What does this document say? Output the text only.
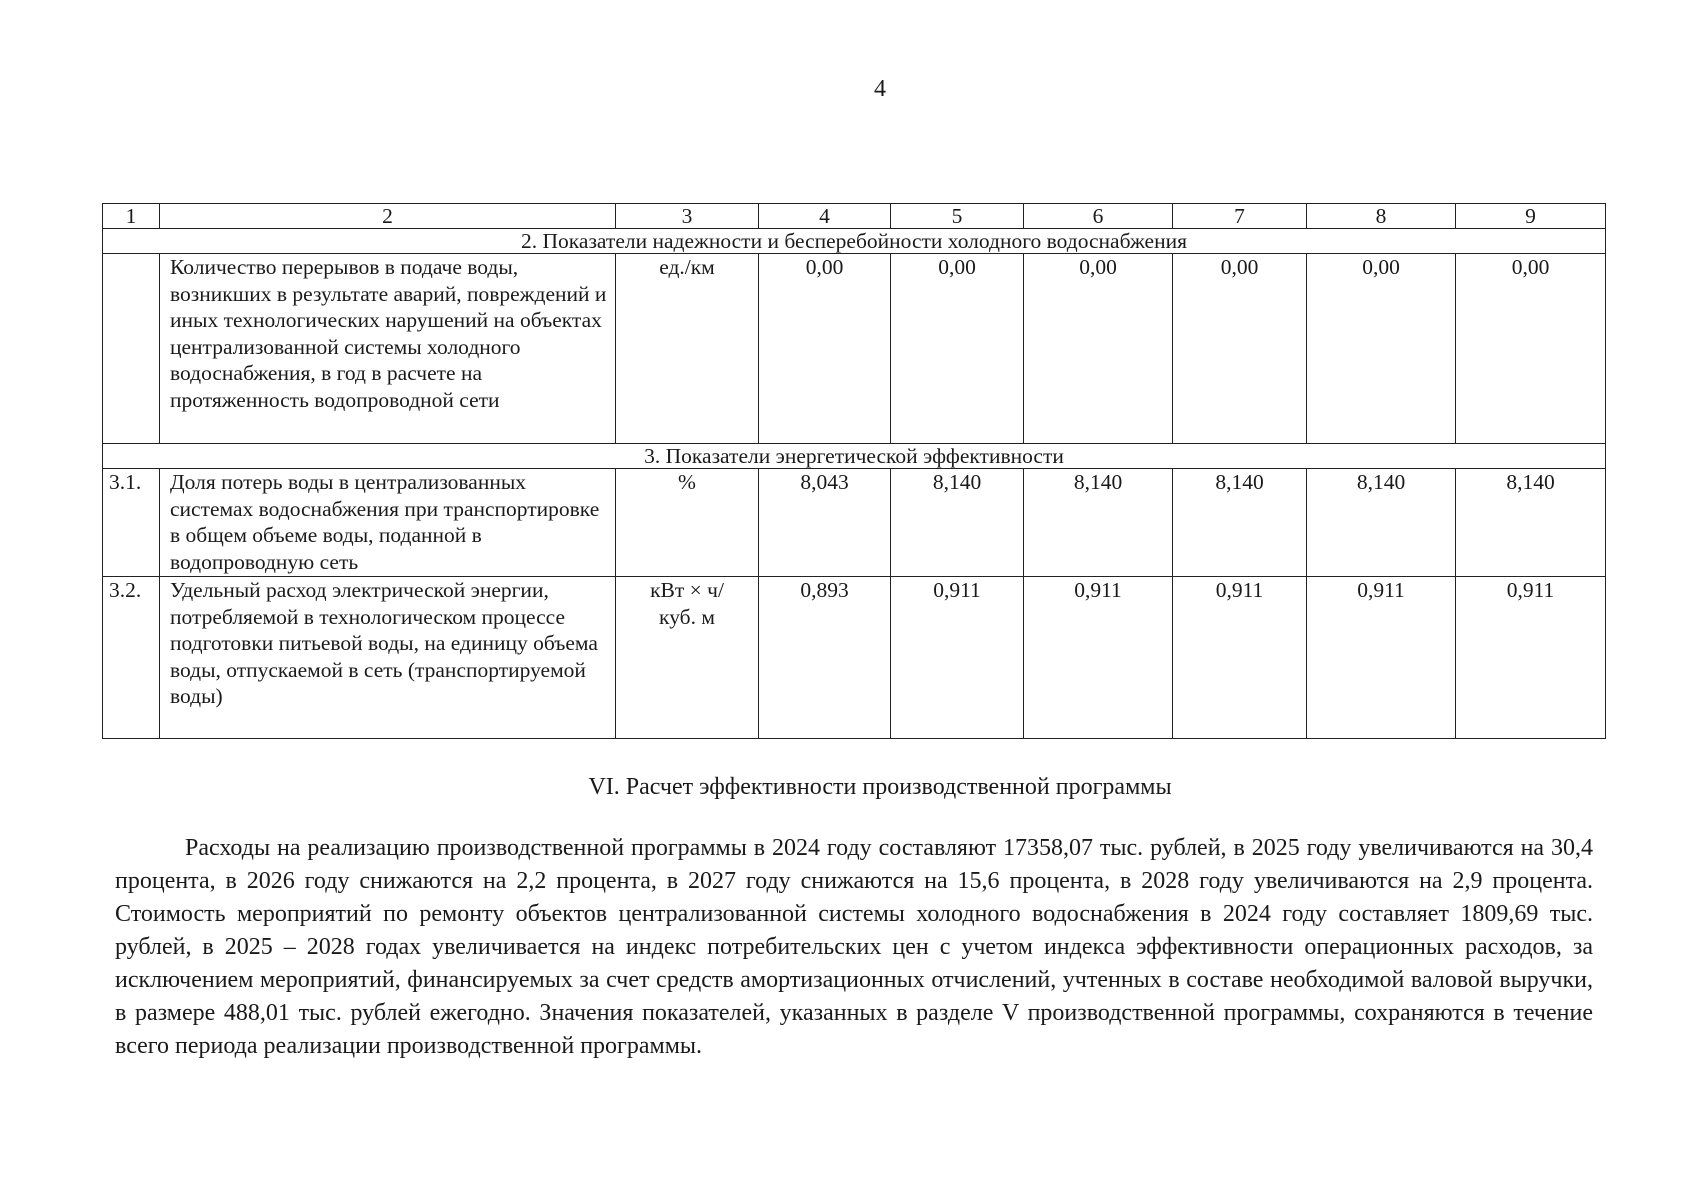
4
1	2	3	4	5	6	7	8	9
2. Показатели надежности и бесперебойности холодного водоснабжения								
	Количество перерывов в подаче воды, возникших в результате аварий, повреждений и иных технологических нарушений на объектах централизованной системы холодного водоснабжения, в год в расчете на протяженность водопроводной сети	ед./км	0,00	0,00	0,00	0,00	0,00	0,00
3. Показатели энергетической эффективности								
3.1.	Доля потерь воды в централизованных системах водоснабжения при транспортировке в общем объеме воды, поданной в водопроводную сеть	%	8,043	8,140	8,140	8,140	8,140	8,140
3.2.	Удельный расход электрической энергии, потребляемой в технологическом процессе подготовки питьевой воды, на единицу объема воды, отпускаемой в сеть (транспортируемой воды)	кВт × ч/
куб. м	0,893	0,911	0,911	0,911	0,911	0,911
VI. Расчет эффективности производственной программы
Расходы на реализацию производственной программы в 2024 году составляют 17358,07 тыс. рублей, в 2025 году увеличиваются на 30,4 процента, в 2026 году снижаются на 2,2 процента, в 2027 году снижаются на 15,6 процента, в 2028 году увеличиваются на 2,9 процента. Стоимость мероприятий по ремонту объектов централизованной системы холодного водоснабжения в 2024 году составляет 1809,69 тыс. рублей, в 2025 – 2028 годах увеличивается на индекс потребительских цен с учетом индекса эффективности операционных расходов, за исключением мероприятий, финансируемых за счет средств амортизационных отчислений, учтенных в составе необходимой валовой выручки, в размере 488,01 тыс. рублей ежегодно. Значения показателей, указанных в разделе V производственной программы, сохраняются в течение всего периода реализации производственной программы.
